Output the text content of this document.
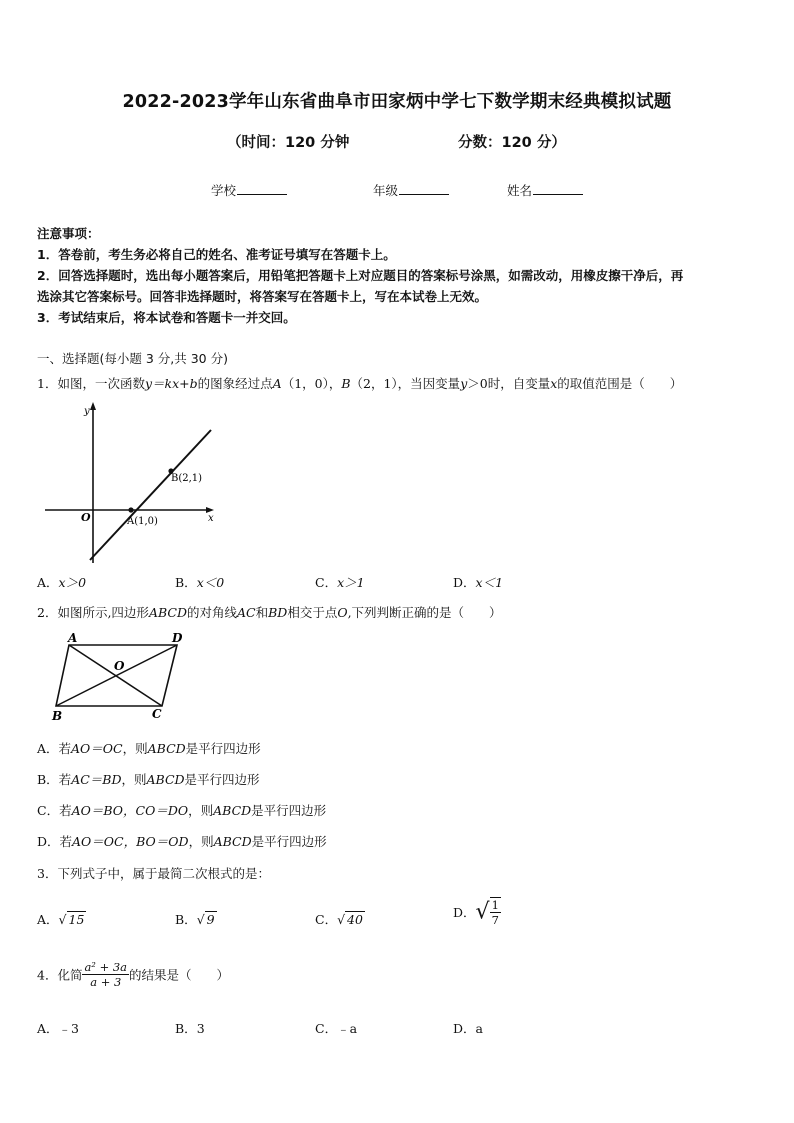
2022-2023学年山东省曲阜市田家炳中学七下数学期末经典模拟试题
（时间：120 分钟	分数：120 分）
学校	年级	姓名
注意事项：
1．答卷前，考生务必将自己的姓名、准考证号填写在答题卡上。
2．回答选择题时，选出每小题答案后，用铅笔把答题卡上对应题目的答案标号涂黑，如需改动，用橡皮擦干净后，再
选涂其它答案标号。回答非选择题时，将答案写在答题卡上，写在本试卷上无效。
3．考试结束后，将本试卷和答题卡一并交回。
一、选择题(每小题 3 分,共 30 分)
1．如图，一次函数y＝kx+b的图象经过点A（1，0），B（2，1），当因变量y＞0时，自变量x的取值范围是（　　）
y
x
O	A(1,0)
B(2,1)
A．x＞0	B．x＜0	C．x＞1	D．x＜1
2．如图所示,四边形ABCD的对角线AC和BD相交于点O,下列判断正确的是（　　）
A	D
O
B	C
A．若AO＝OC，则ABCD是平行四边形
B．若AC＝BD，则ABCD是平行四边形
C．若AO＝BO，CO＝DO，则ABCD是平行四边形
D．若AO＝OC，BO＝OD，则ABCD是平行四边形
3．下列式子中，属于最简二次根式的是：
A．√ 15	B．√ 9	C．√ 40	D．√ $\frac{1}{7}$
4．化简 $\frac{\text{a² + 3a}}{a + 3}$ 的结果是（　　）
A．﹣3	B．3	C．﹣a	D．a
